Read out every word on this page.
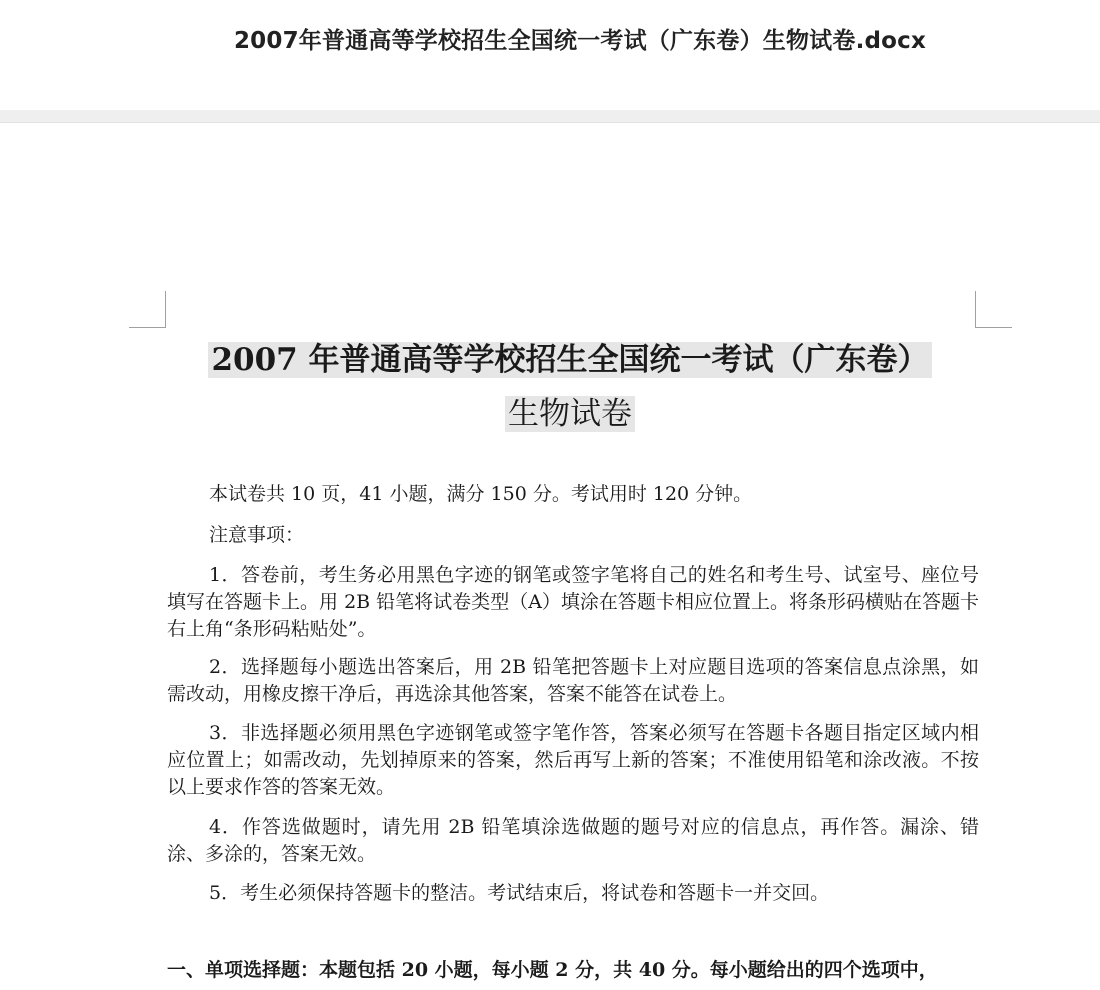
2007年普通高等学校招生全国统一考试（广东卷）生物试卷.docx
2007 年普通高等学校招生全国统一考试（广东卷）
生物试卷

本试卷共 10 页，41 小题，满分 150 分。考试用时 120 分钟。

注意事项：

1．答卷前，考生务必用黑色字迹的钢笔或签字笔将自己的姓名和考生号、试室号、座位号填写在答题卡上。用 2B 铅笔将试卷类型（A）填涂在答题卡相应位置上。将条形码横贴在答题卡右上角“条形码粘贴处”。

2．选择题每小题选出答案后，用 2B 铅笔把答题卡上对应题目选项的答案信息点涂黑，如需改动，用橡皮擦干净后，再选涂其他答案，答案不能答在试卷上。

3．非选择题必须用黑色字迹钢笔或签字笔作答，答案必须写在答题卡各题目指定区域内相应位置上；如需改动，先划掉原来的答案，然后再写上新的答案；不准使用铅笔和涂改液。不按以上要求作答的答案无效。

4．作答选做题时，请先用 2B 铅笔填涂选做题的题号对应的信息点，再作答。漏涂、错涂、多涂的，答案无效。

5．考生必须保持答题卡的整洁。考试结束后，将试卷和答题卡一并交回。

一、单项选择题：本题包括 20 小题，每小题 2 分，共 40 分。每小题给出的四个选项中，
